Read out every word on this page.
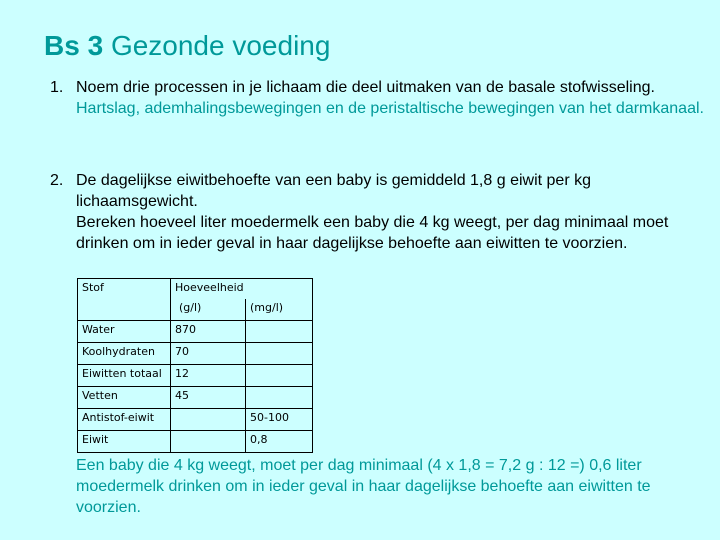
Bs 3 Gezonde voeding
1. Noem drie processen in je lichaam die deel uitmaken van de basale stofwisseling.
Hartslag, ademhalingsbewegingen en de peristaltische bewegingen van het darmkanaal.
2. De dagelijkse eiwitbehoefte van een baby is gemiddeld 1,8 g eiwit per kg lichaamsgewicht.
Bereken hoeveel liter moedermelk een baby die 4 kg weegt, per dag minimaal moet drinken om in ieder geval in haar dagelijkse behoefte aan eiwitten te voorzien.
Stof	Hoeveelheid	
	(g/l)	(mg/l)
Water	870	
Koolhydraten	70	
Eiwitten totaal	12	
Vetten	45	
Antistof-eiwit		50-100
Eiwit		0,8
Een baby die 4 kg weegt, moet per dag minimaal (4 x 1,8 = 7,2 g : 12 =) 0,6 liter moedermelk drinken om in ieder geval in haar dagelijkse behoefte aan eiwitten te voorzien.
